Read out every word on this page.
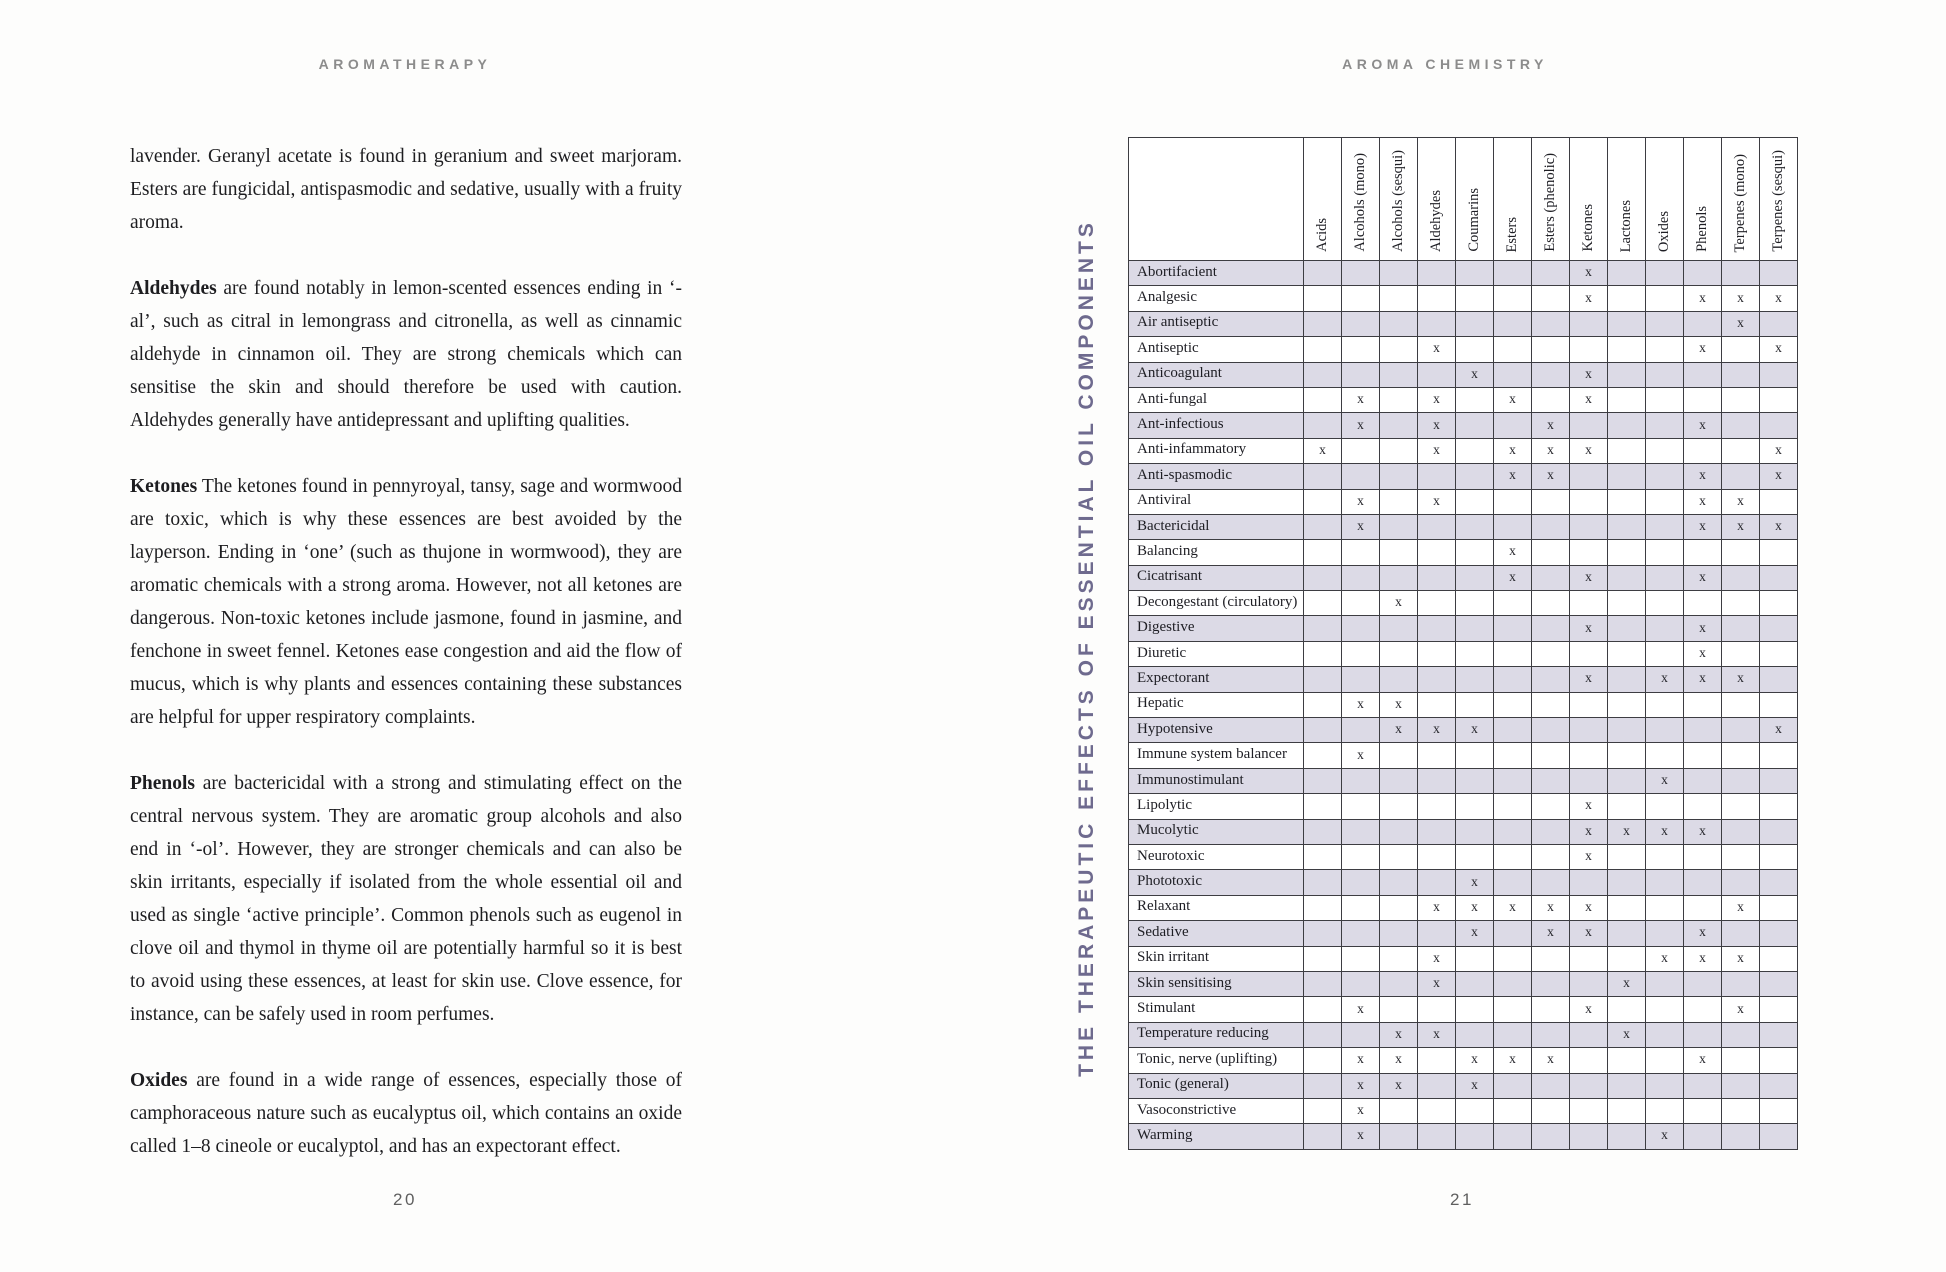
AROMATHERAPY

lavender. Geranyl acetate is found in geranium and sweet marjoram. Esters are fungicidal, antispasmodic and sedative, usually with a fruity aroma.

Aldehydes are found notably in lemon-scented essences ending in ‘-al’, such as citral in lemongrass and citronella, as well as cinnamic aldehyde in cinnamon oil. They are strong chemicals which can sensitise the skin and should therefore be used with caution. Aldehydes generally have antidepressant and uplifting qualities.

Ketones The ketones found in pennyroyal, tansy, sage and wormwood are toxic, which is why these essences are best avoided by the layperson. Ending in ‘one’ (such as thujone in wormwood), they are aromatic chemicals with a strong aroma. However, not all ketones are dangerous. Non-toxic ketones include jasmone, found in jasmine, and fenchone in sweet fennel. Ketones ease congestion and aid the flow of mucus, which is why plants and essences containing these substances are helpful for upper respiratory complaints.

Phenols are bactericidal with a strong and stimulating effect on the central nervous system. They are aromatic group alcohols and also end in ‘-ol’. However, they are stronger chemicals and can also be skin irritants, especially if isolated from the whole essential oil and used as single ‘active principle’. Common phenols such as eugenol in clove oil and thymol in thyme oil are potentially harmful so it is best to avoid using these essences, at least for skin use. Clove essence, for instance, can be safely used in room perfumes.

Oxides are found in a wide range of essences, especially those of camphoraceous nature such as eucalyptus oil, which contains an oxide called 1–8 cineole or eucalyptol, and has an expectorant effect.

20
AROMA CHEMISTRY
THE THERAPEUTIC EFFECTS OF ESSENTIAL OIL COMPONENTS

	Acids	Alcohols (mono)	Alcohols (sesqui)	Aldehydes	Coumarins	Esters	Esters (phenolic)	Ketones	Lactones	Oxides	Phenols	Terpenes (mono)	Terpenes (sesqui)

Abortifacient								x					
Analgesic								x			x	x	x
Air antiseptic												x	
Antiseptic				x							x		x
Anticoagulant					x			x					
Anti-fungal		x		x		x		x					
Ant-infectious		x		x			x				x		
Anti-infammatory	x			x		x	x	x					x
Anti-spasmodic						x	x				x		x
Antiviral		x		x							x	x	
Bactericidal		x									x	x	x
Balancing						x							
Cicatrisant						x		x			x		
Decongestant (circulatory)			x										
Digestive								x			x		
Diuretic											x		
Expectorant								x		x	x	x	
Hepatic		x	x										
Hypotensive			x	x	x								x
Immune system balancer		x											
Immunostimulant										x			
Lipolytic								x					
Mucolytic								x	x	x	x		
Neurotoxic								x					
Phototoxic					x								
Relaxant				x	x	x	x	x				x	
Sedative					x		x	x			x		
Skin irritant				x						x	x	x	
Skin sensitising				x					x				
Stimulant		x						x				x	
Temperature reducing			x	x					x				
Tonic, nerve (uplifting)		x	x		x	x	x				x		
Tonic (general)		x	x		x								
Vasoconstrictive		x											
Warming		x								x			
21
